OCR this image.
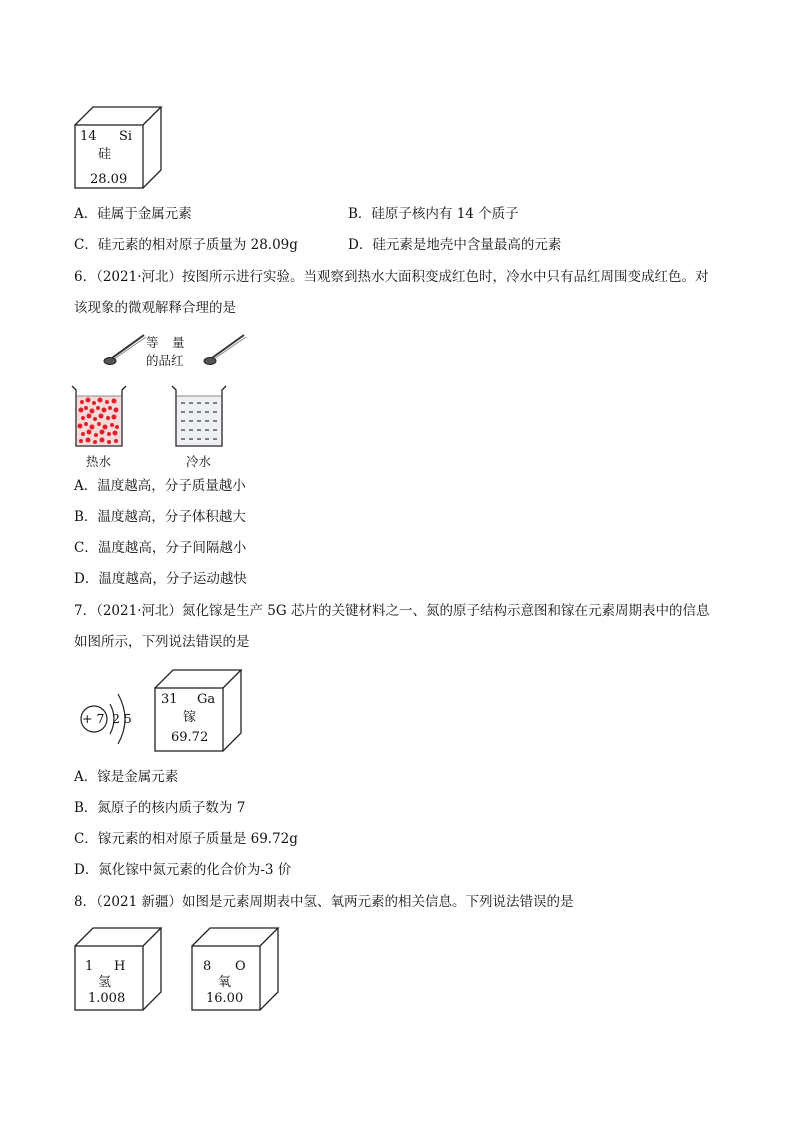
14 Si
硅
28.09
A．硅属于金属元素	B．硅原子核内有 14 个质子
C．硅元素的相对原子质量为 28.09g	D．硅元素是地壳中含量最高的元素
6．（2021·河北）按图所示进行实验。当观察到热水大面积变成红色时，冷水中只有品红周围变成红色。对
该现象的微观解释合理的是
等 量
的品红
热水	冷水
A．温度越高，分子质量越小
B．温度越高，分子体积越大
C．温度越高，分子间隔越小
D．温度越高，分子运动越快
7．（2021·河北）氮化镓是生产 5G 芯片的关键材料之一、氮的原子结构示意图和镓在元素周期表中的信息
如图所示，下列说法错误的是
+ 7 2 5
31 Ga
镓
69.72
A．镓是金属元素
B．氮原子的核内质子数为 7
C．镓元素的相对原子质量是 69.72g
D．氮化镓中氮元素的化合价为-3 价
8．（2021 新疆）如图是元素周期表中氢、氧两元素的相关信息。下列说法错误的是
1 H
氢
1.008
8 O
氧
16.00
